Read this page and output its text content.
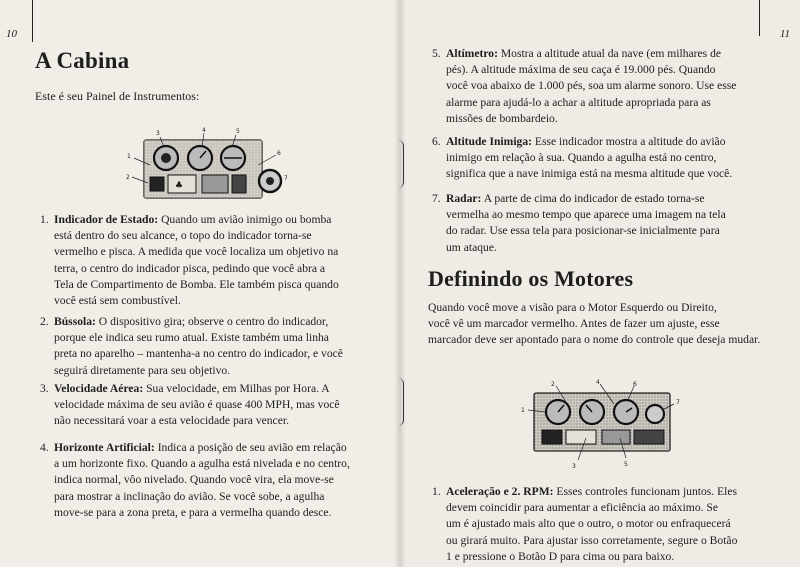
10
A Cabina

Este é seu Painel de Instrumentos:

♣
1
2
3	4	5
6
7
1. Indicador de Estado: Quando um avião inimigo ou bomba
está dentro do seu alcance, o topo do indicador torna-se
vermelho e pisca. A medida que você localiza um objetivo na
terra, o centro do indicador pisca, pedindo que você abra a
Tela de Compartimento de Bomba. Ele também pisca quando
você está sem combustível.
2. Bússola: O dispositivo gira; observe o centro do indicador,
porque ele indica seu rumo atual. Existe também uma linha
preta no aparelho – mantenha-a no centro do indicador, e você
seguirá diretamente para seu objetivo.
3. Velocidade Aérea: Sua velocidade, em Milhas por Hora. A
velocidade máxima de seu avião é quase 400 MPH, mas você
não necessitará voar a esta velocidade para vencer.
4. Horizonte Artificial: Indica a posição de seu avião em relação
a um horizonte fixo. Quando a agulha está nivelada e no centro,
indica normal, vôo nivelado. Quando você vira, ela move-se
para mostrar a inclinação do avião. Se você sobe, a agulha
move-se para a zona preta, e para a vermelha quando desce.
11
5. Altímetro: Mostra a altitude atual da nave (em milhares de
pés). A altitude máxima de seu caça é 19.000 pés. Quando
você voa abaixo de 1.000 pés, soa um alarme sonoro. Use esse
alarme para ajudá-lo a achar a altitude apropriada para as
missões de bombardeio.
6. Altitude Inimiga: Esse indicador mostra a altitude do avião
inimigo em relação à sua. Quando a agulha está no centro,
significa que a nave inimiga está na mesma altitude que você.
7. Radar: A parte de cima do indicador de estado torna-se
vermelha ao mesmo tempo que aparece uma imagem na tela
do radar. Use essa tela para posicionar-se inicialmente para
um ataque.
Definindo os Motores
Quando você move a visão para o Motor Esquerdo ou Direito,
você vê um marcador vermelho. Antes de fazer um ajuste, esse
marcador deve ser apontado para o nome do controle que deseja mudar.
1
2
3
4
5
6
7
1. Aceleração e 2. RPM: Esses controles funcionam juntos. Eles
devem coincidir para aumentar a eficiência ao máximo. Se
um é ajustado mais alto que o outro, o motor ou enfraquecerá
ou girará muito. Para ajustar isso corretamente, segure o Botão
1 e pressione o Botão D para cima ou para baixo.
